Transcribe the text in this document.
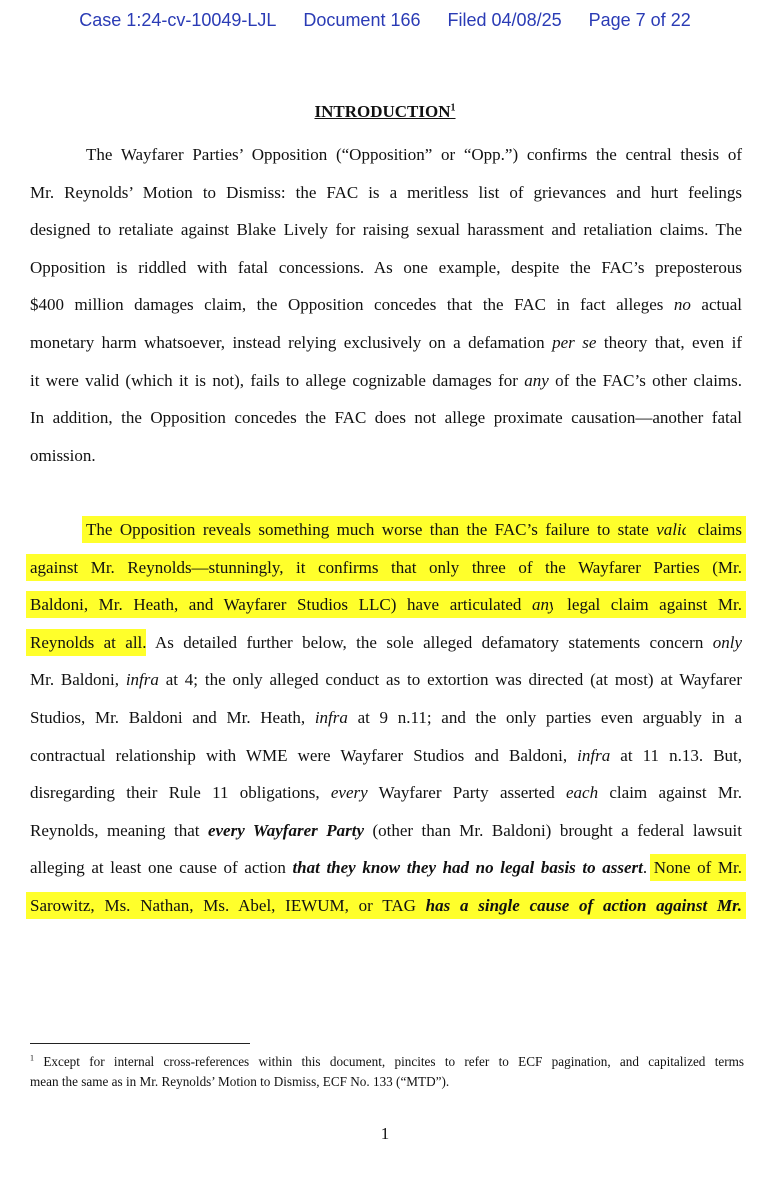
Case 1:24-cv-10049-LJL Document 166 Filed 04/08/25 Page 7 of 22
INTRODUCTION$^1$
The Wayfarer Parties’ Opposition (“Opposition” or “Opp.”) confirms the central thesis of
Mr. Reynolds’ Motion to Dismiss: the FAC is a meritless list of grievances and hurt feelings
designed to retaliate against Blake Lively for raising sexual harassment and retaliation claims. The
Opposition is riddled with fatal concessions. As one example, despite the FAC’s preposterous
$400 million damages claim, the Opposition concedes that the FAC in fact alleges no actual
monetary harm whatsoever, instead relying exclusively on a defamation per se theory that, even if
it were valid (which it is not), fails to allege cognizable damages for any of the FAC’s other claims.
In addition, the Opposition concedes the FAC does not allege proximate causation—another fatal
omission.
The Opposition reveals something much worse than the FAC’s failure to state valid claims
against Mr. Reynolds—stunningly, it confirms that only three of the Wayfarer Parties (Mr.
Baldoni, Mr. Heath, and Wayfarer Studios LLC) have articulated any legal claim against Mr.
Reynolds at all. As detailed further below, the sole alleged defamatory statements concern only
Mr. Baldoni, infra at 4; the only alleged conduct as to extortion was directed (at most) at Wayfarer
Studios, Mr. Baldoni and Mr. Heath, infra at 9 n.11; and the only parties even arguably in a
contractual relationship with WME were Wayfarer Studios and Baldoni, infra at 11 n.13. But,
disregarding their Rule 11 obligations, every Wayfarer Party asserted each claim against Mr.
Reynolds, meaning that every Wayfarer Party (other than Mr. Baldoni) brought a federal lawsuit
alleging at least one cause of action that they know they had no legal basis to assert. None of Mr.
Sarowitz, Ms. Nathan, Ms. Abel, IEWUM, or TAG has a single cause of action against Mr.
$^1$ Except for internal cross-references within this document, pincites to refer to ECF pagination, and capitalized terms
mean the same as in Mr. Reynolds’ Motion to Dismiss, ECF No. 133 (“MTD”).
1
